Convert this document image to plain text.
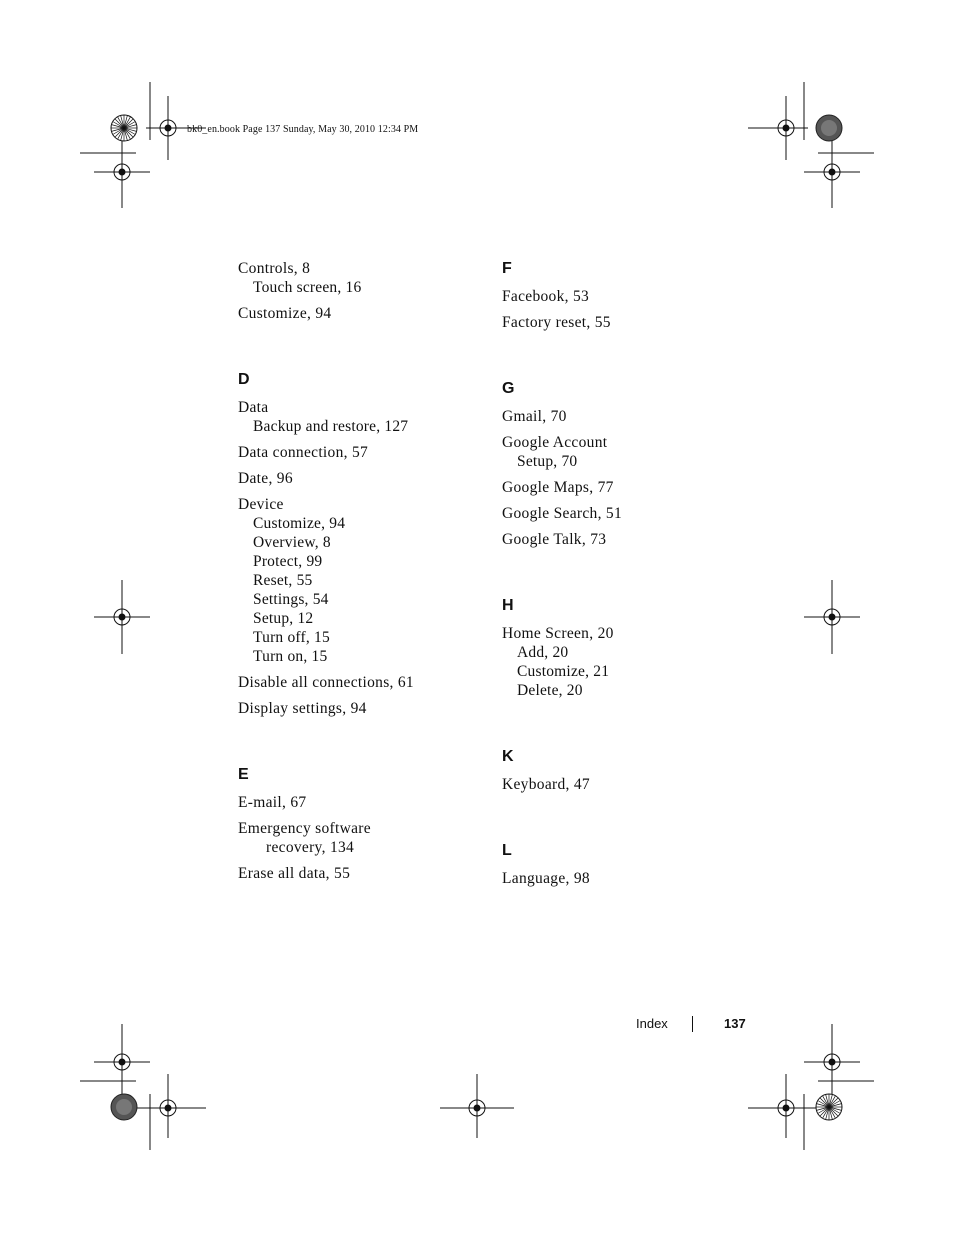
bk0_en.book Page 137 Sunday, May 30, 2010 12:34 PM
Controls, 8
Touch screen, 16
Customize, 94
D
Data
Backup and restore, 127
Data connection, 57
Date, 96
Device
Customize, 94
Overview, 8
Protect, 99
Reset, 55
Settings, 54
Setup, 12
Turn off, 15
Turn on, 15
Disable all connections, 61
Display settings, 94
E
E-mail, 67
Emergency software
recovery, 134
Erase all data, 55
F
Facebook, 53
Factory reset, 55
G
Gmail, 70
Google Account
Setup, 70
Google Maps, 77
Google Search, 51
Google Talk, 73
H
Home Screen, 20
Add, 20
Customize, 21
Delete, 20
K
Keyboard, 47
L
Language, 98
Index	137
